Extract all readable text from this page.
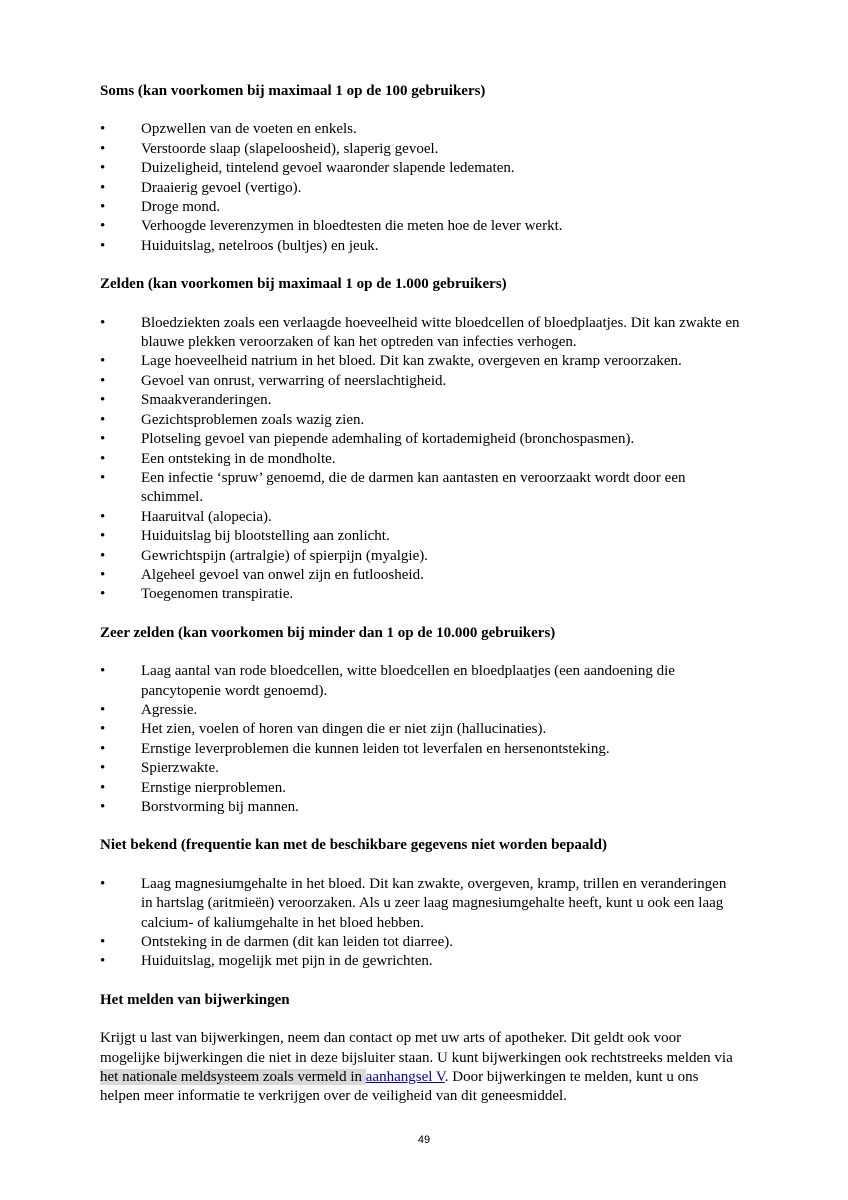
Soms (kan voorkomen bij maximaal 1 op de 100 gebruikers)
• Opzwellen van de voeten en enkels.
• Verstoorde slaap (slapeloosheid), slaperig gevoel.
• Duizeligheid, tintelend gevoel waaronder slapende ledematen.
• Draaierig gevoel (vertigo).
• Droge mond.
• Verhoogde leverenzymen in bloedtesten die meten hoe de lever werkt.
• Huiduitslag, netelroos (bultjes) en jeuk.
Zelden (kan voorkomen bij maximaal 1 op de 1.000 gebruikers)
• Bloedziekten zoals een verlaagde hoeveelheid witte bloedcellen of bloedplaatjes. Dit kan zwakte en blauwe plekken veroorzaken of kan het optreden van infecties verhogen.
• Lage hoeveelheid natrium in het bloed. Dit kan zwakte, overgeven en kramp veroorzaken.
• Gevoel van onrust, verwarring of neerslachtigheid.
• Smaakveranderingen.
• Gezichtsproblemen zoals wazig zien.
• Plotseling gevoel van piepende ademhaling of kortademigheid (bronchospasmen).
• Een ontsteking in de mondholte.
• Een infectie ‘spruw’ genoemd, die de darmen kan aantasten en veroorzaakt wordt door een schimmel.
• Haaruitval (alopecia).
• Huiduitslag bij blootstelling aan zonlicht.
• Gewrichtspijn (artralgie) of spierpijn (myalgie).
• Algeheel gevoel van onwel zijn en futloosheid.
• Toegenomen transpiratie.
Zeer zelden (kan voorkomen bij minder dan 1 op de 10.000 gebruikers)
• Laag aantal van rode bloedcellen, witte bloedcellen en bloedplaatjes (een aandoening die pancytopenie wordt genoemd).
• Agressie.
• Het zien, voelen of horen van dingen die er niet zijn (hallucinaties).
• Ernstige leverproblemen die kunnen leiden tot leverfalen en hersenontsteking.
• Spierzwakte.
• Ernstige nierproblemen.
• Borstvorming bij mannen.
Niet bekend (frequentie kan met de beschikbare gegevens niet worden bepaald)
• Laag magnesiumgehalte in het bloed. Dit kan zwakte, overgeven, kramp, trillen en veranderingen in hartslag (aritmieën) veroorzaken. Als u zeer laag magnesiumgehalte heeft, kunt u ook een laag calcium- of kaliumgehalte in het bloed hebben.
• Ontsteking in de darmen (dit kan leiden tot diarree).
• Huiduitslag, mogelijk met pijn in de gewrichten.
Het melden van bijwerkingen

Krijgt u last van bijwerkingen, neem dan contact op met uw arts of apotheker. Dit geldt ook voor mogelijke bijwerkingen die niet in deze bijsluiter staan. U kunt bijwerkingen ook rechtstreeks melden via het nationale meldsysteem zoals vermeld in aanhangsel V. Door bijwerkingen te melden, kunt u ons helpen meer informatie te verkrijgen over de veiligheid van dit geneesmiddel.

49
